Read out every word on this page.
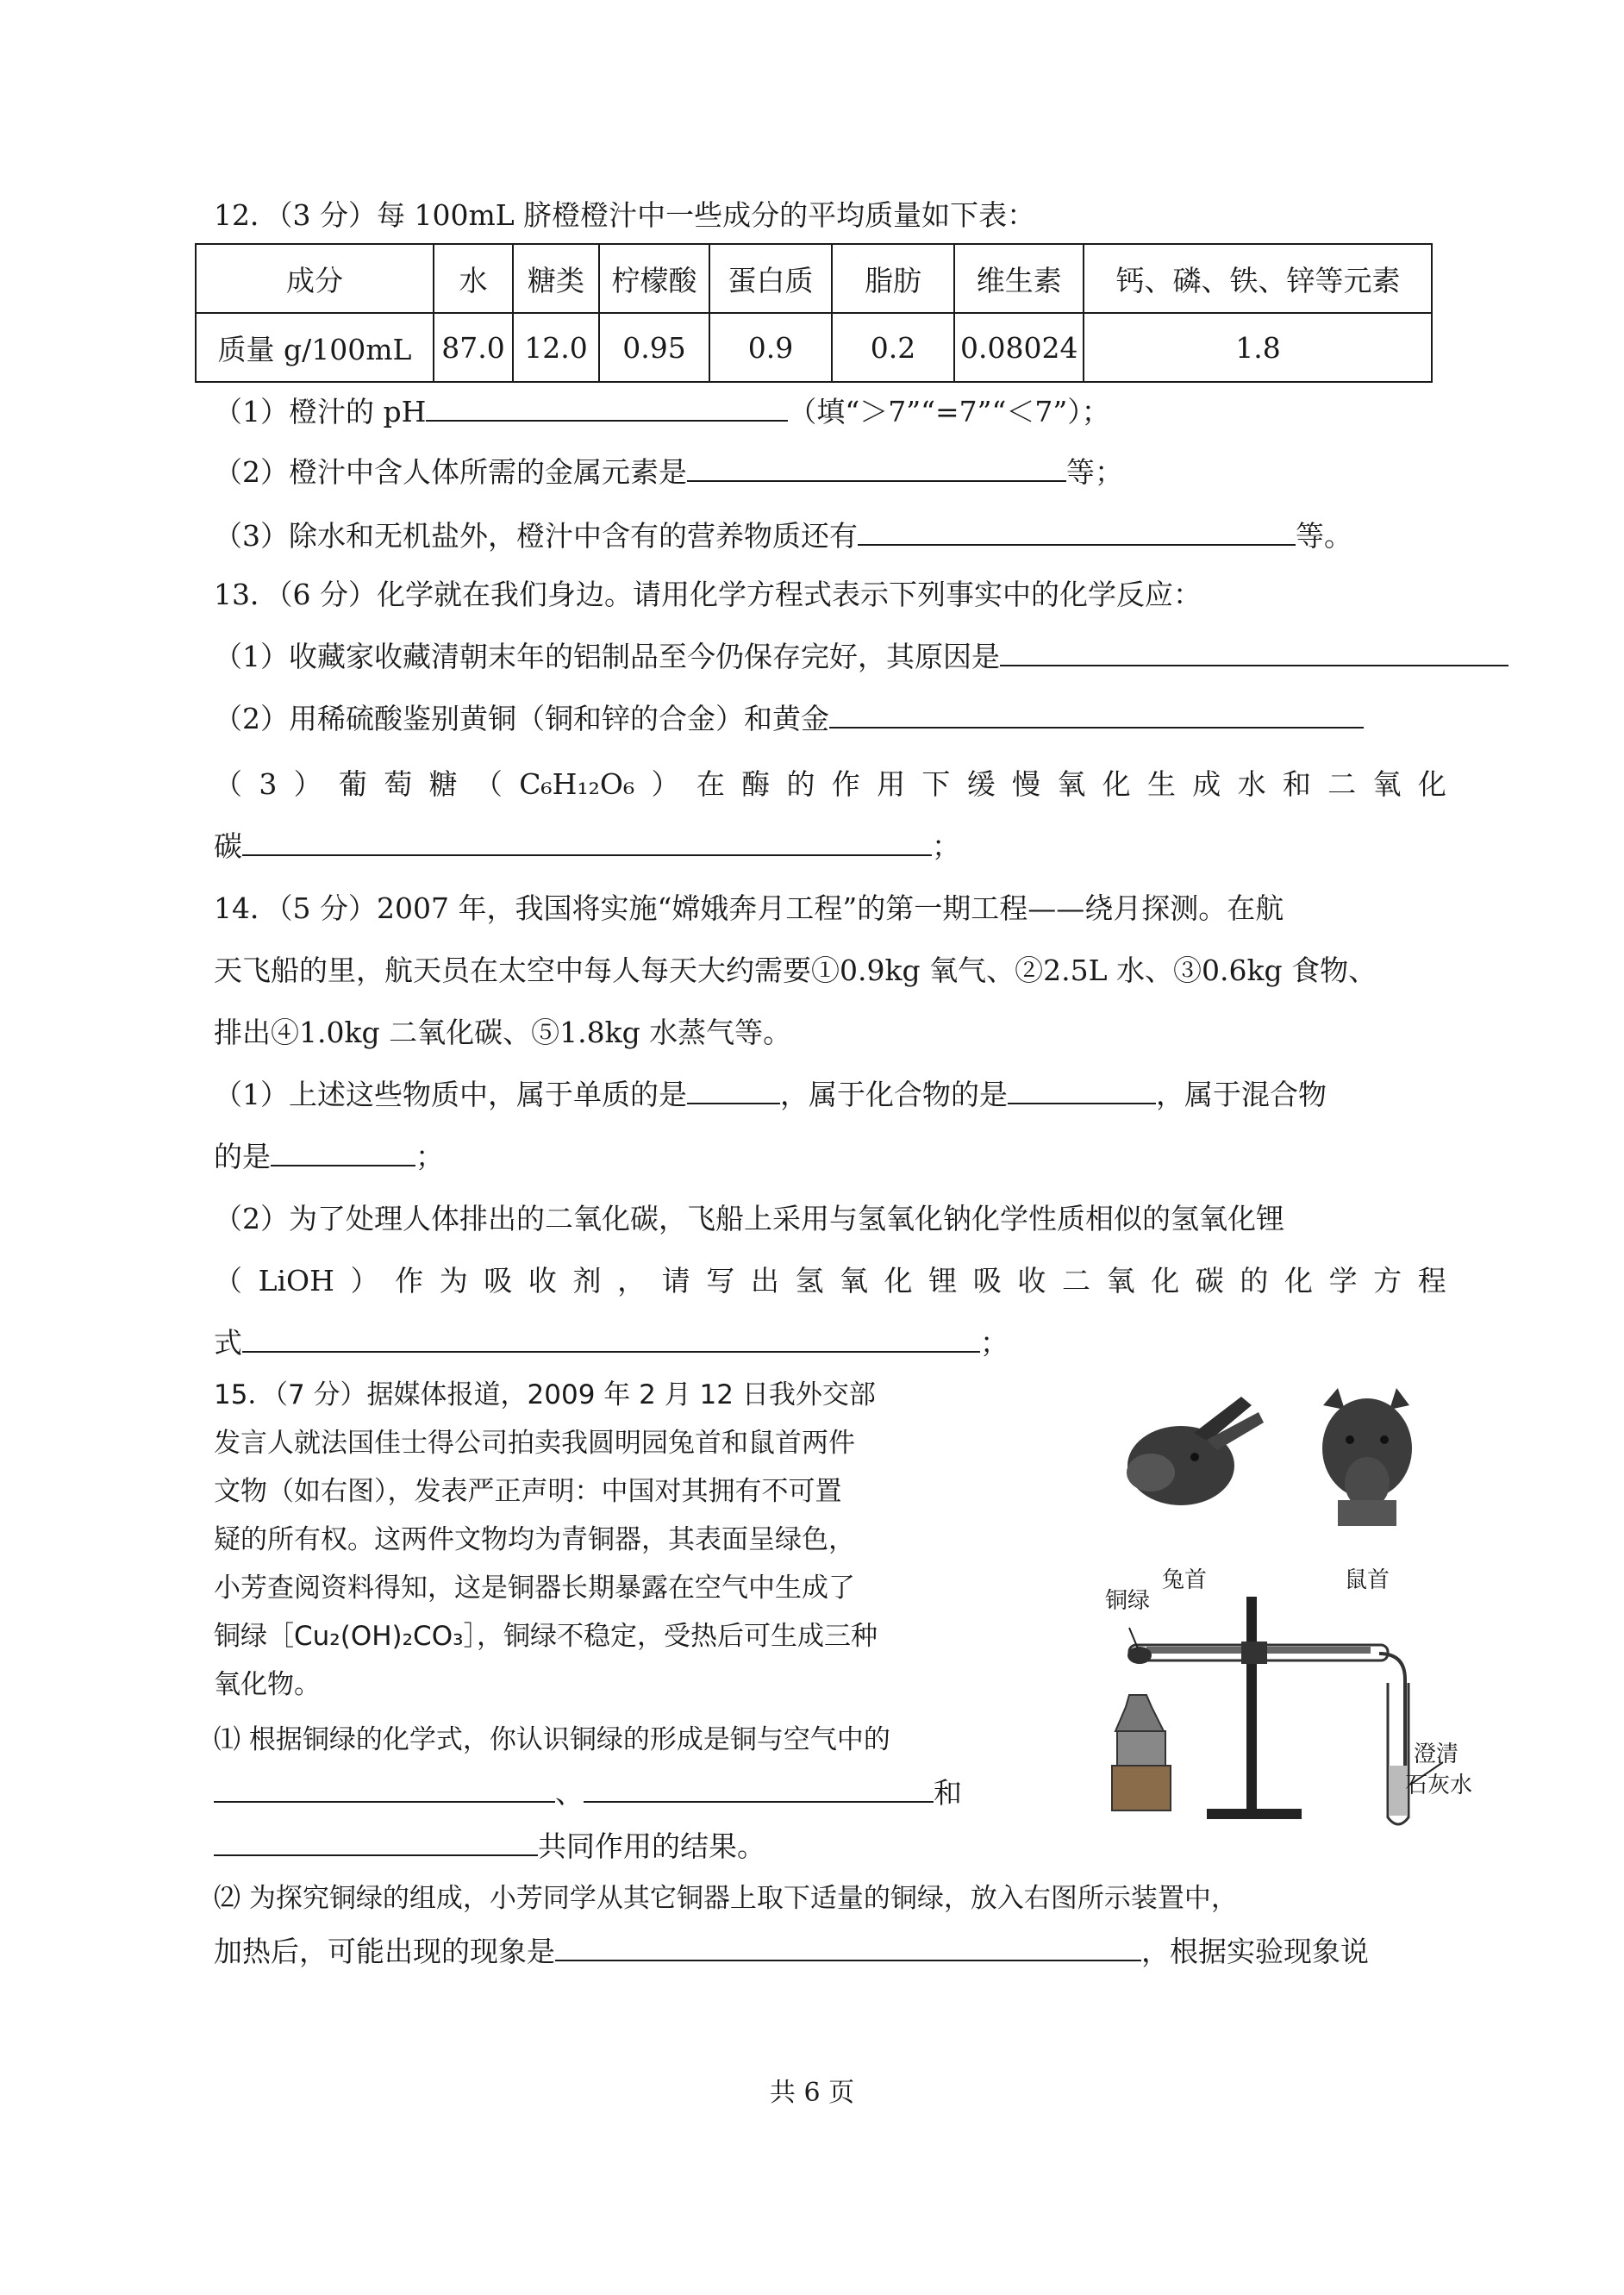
12．（3 分）每 100mL 脐橙橙汁中一些成分的平均质量如下表：
成分	水	糖类	柠檬酸	蛋白质	脂肪	维生素	钙、磷、铁、锌等元素
质量 g/100mL	87.0	12.0	0.95	0.9	0.2	0.08024	1.8
（1）橙汁的 pH	（填“＞7”“=7”“＜7”）；
（2）橙汁中含人体所需的金属元素是	等；
（3）除水和无机盐外，橙汁中含有的营养物质还有	等。
13．（6 分）化学就在我们身边。请用化学方程式表示下列事实中的化学反应：
（1）收藏家收藏清朝末年的铝制品至今仍保存完好，其原因是
（2）用稀硫酸鉴别黄铜（铜和锌的合金）和黄金
（ 3 ） 葡 萄 糖 （ C₆H₁₂O₆ ） 在 酶 的 作 用 下 缓 慢 氧 化 生 成 水 和 二 氧 化
碳	；
14．（5 分）2007 年，我国将实施“嫦娥奔月工程”的第一期工程——绕月探测。在航
天飞船的里，航天员在太空中每人每天大约需要①0.9kg 氧气、②2.5L 水、③0.6kg 食物、
排出④1.0kg 二氧化碳、⑤1.8kg 水蒸气等。
（1）上述这些物质中，属于单质的是	，属于化合物的是	，属于混合物
的是	；
（2）为了处理人体排出的二氧化碳，飞船上采用与氢氧化钠化学性质相似的氢氧化锂
（ LiOH ） 作 为 吸 收 剂 ， 请 写 出 氢 氧 化 锂 吸 收 二 氧 化 碳 的 化 学 方 程
式	；
15．（7 分）据媒体报道，2009 年 2 月 12 日我外交部
发言人就法国佳士得公司拍卖我圆明园兔首和鼠首两件
文物（如右图），发表严正声明：中国对其拥有不可置
疑的所有权。这两件文物均为青铜器，其表面呈绿色，
小芳查阅资料得知，这是铜器长期暴露在空气中生成了
铜绿［Cu₂(OH)₂CO₃］，铜绿不稳定，受热后可生成三种
氧化物。
⑴ 根据铜绿的化学式，你认识铜绿的形成是铜与空气中的
、	和
共同作用的结果。
⑵ 为探究铜绿的组成，小芳同学从其它铜器上取下适量的铜绿，放入右图所示装置中，
加热后，可能出现的现象是	，根据实验现象说
兔首	鼠首
铜绿
澄清
石灰水
共 6 页
